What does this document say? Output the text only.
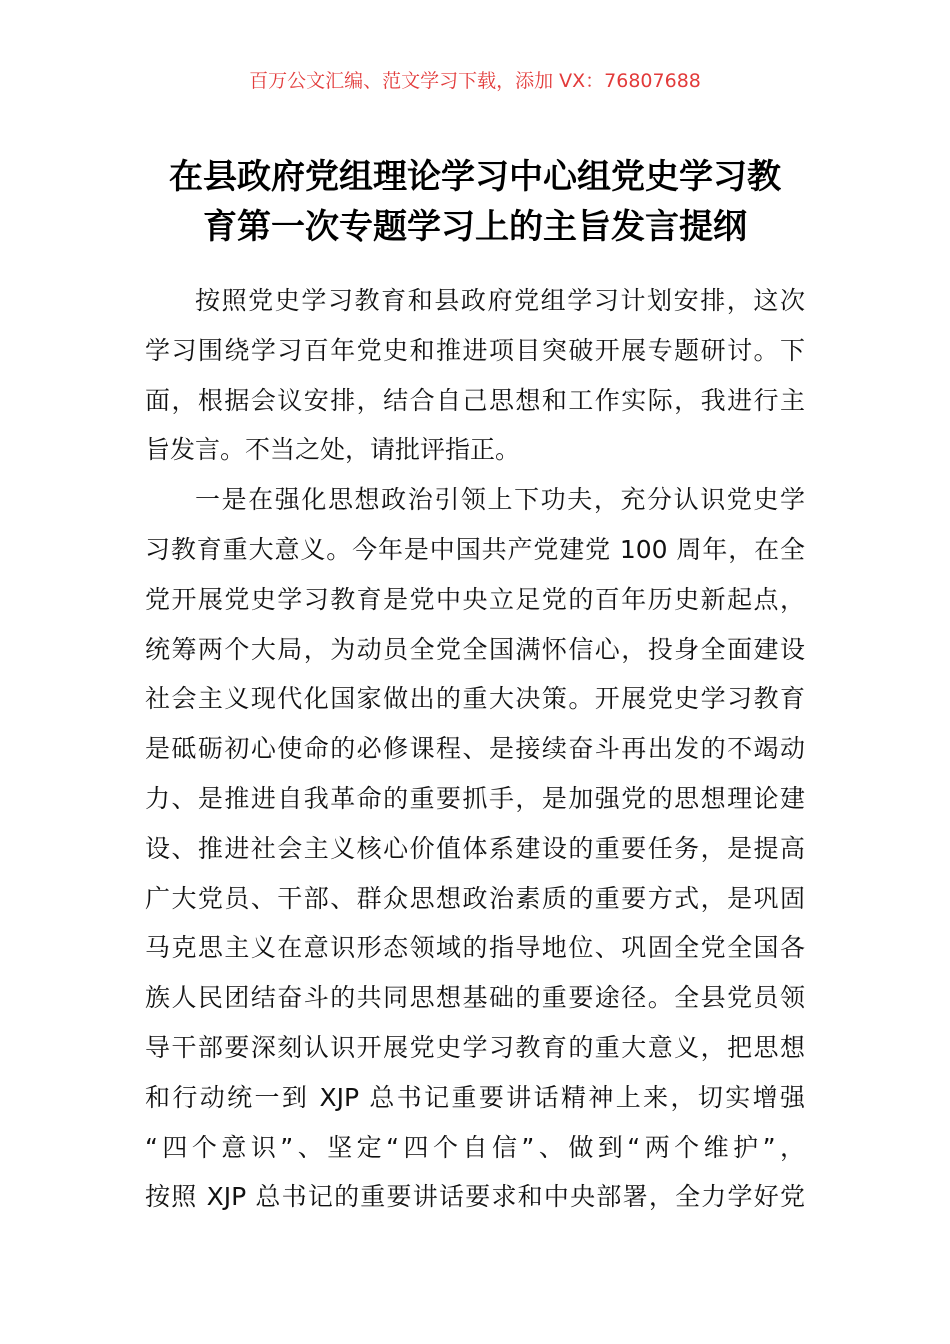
百万公文汇编、范文学习下载，添加 VX：76807688
在县政府党组理论学习中心组党史学习教
育第一次专题学习上的主旨发言提纲
按照党史学习教育和县政府党组学习计划安排，这次
学习围绕学习百年党史和推进项目突破开展专题研讨。下
面，根据会议安排，结合自己思想和工作实际，我进行主
旨发言。不当之处，请批评指正。
一是在强化思想政治引领上下功夫，充分认识党史学
习教育重大意义。今年是中国共产党建党 100 周年，在全
党开展党史学习教育是党中央立足党的百年历史新起点，
统筹两个大局，为动员全党全国满怀信心，投身全面建设
社会主义现代化国家做出的重大决策。开展党史学习教育
是砥砺初心使命的必修课程、是接续奋斗再出发的不竭动
力、是推进自我革命的重要抓手，是加强党的思想理论建
设、推进社会主义核心价值体系建设的重要任务，是提高
广大党员、干部、群众思想政治素质的重要方式，是巩固
马克思主义在意识形态领域的指导地位、巩固全党全国各
族人民团结奋斗的共同思想基础的重要途径。全县党员领
导干部要深刻认识开展党史学习教育的重大意义，把思想
和行动统一到 XJP 总书记重要讲话精神上来，切实增强
“四个意识”、坚定“四个自信”、做到“两个维护”，
按照 XJP 总书记的重要讲话要求和中央部署，全力学好党
